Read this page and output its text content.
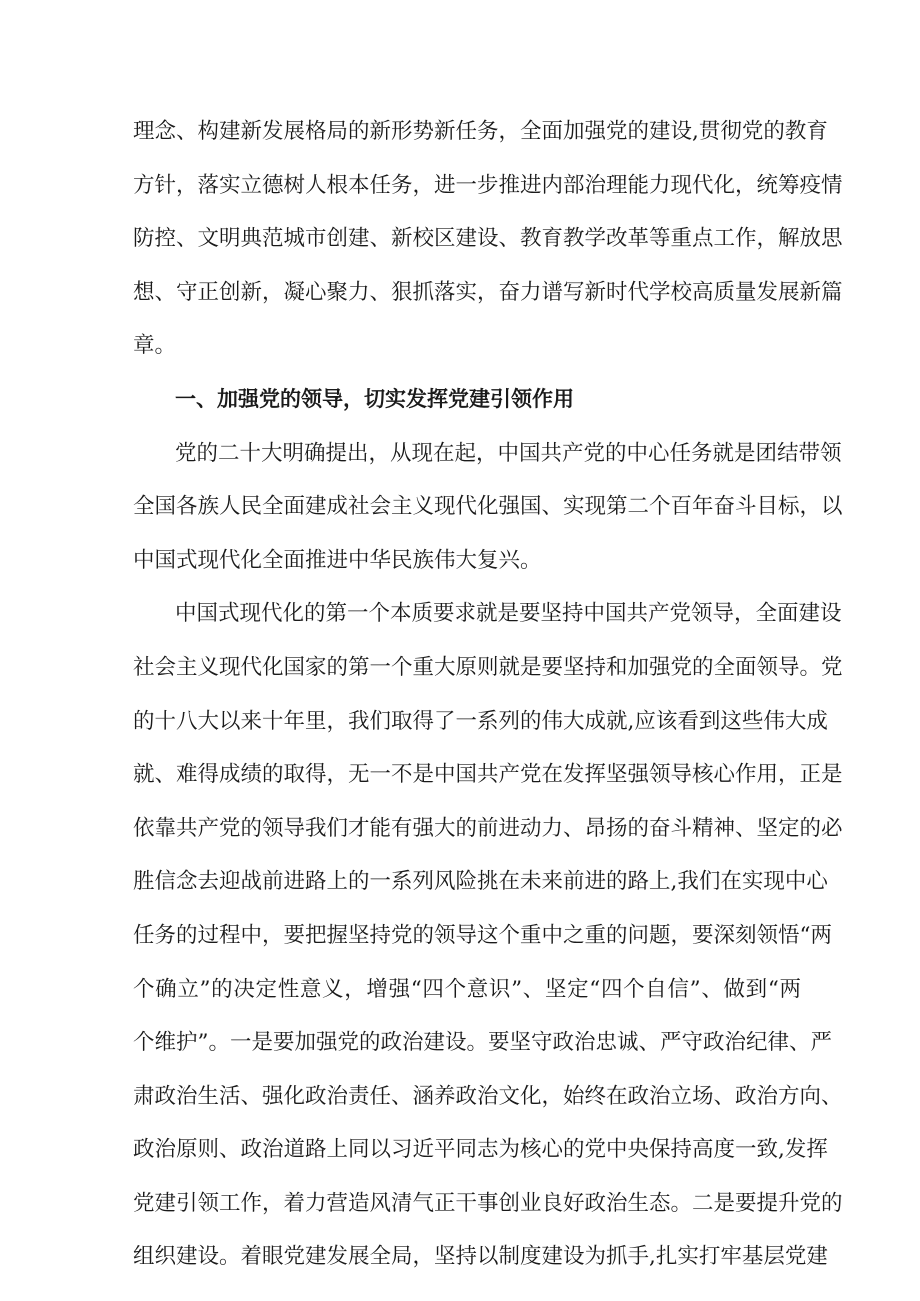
理念、构建新发展格局的新形势新任务，全面加强党的建设,贯彻党的教育
方针，落实立德树人根本任务，进一步推进内部治理能力现代化，统筹疫情
防控、文明典范城市创建、新校区建设、教育教学改革等重点工作，解放思
想、守正创新，凝心聚力、狠抓落实，奋力谱写新时代学校高质量发展新篇
章。
一、加强党的领导，切实发挥党建引领作用
党的二十大明确提出，从现在起，中国共产党的中心任务就是团结带领
全国各族人民全面建成社会主义现代化强国、实现第二个百年奋斗目标，以
中国式现代化全面推进中华民族伟大复兴。
中国式现代化的第一个本质要求就是要坚持中国共产党领导，全面建设
社会主义现代化国家的第一个重大原则就是要坚持和加强党的全面领导。党
的十八大以来十年里，我们取得了一系列的伟大成就,应该看到这些伟大成
就、难得成绩的取得，无一不是中国共产党在发挥坚强领导核心作用，正是
依靠共产党的领导我们才能有强大的前进动力、昂扬的奋斗精神、坚定的必
胜信念去迎战前进路上的一系列风险挑在未来前进的路上,我们在实现中心
任务的过程中，要把握坚持党的领导这个重中之重的问题，要深刻领悟“两
个确立”的决定性意义，增强“四个意识”、坚定“四个自信”、做到“两
个维护”。一是要加强党的政治建设。要坚守政治忠诚、严守政治纪律、严
肃政治生活、强化政治责任、涵养政治文化，始终在政治立场、政治方向、
政治原则、政治道路上同以习近平同志为核心的党中央保持高度一致,发挥
党建引领工作，着力营造风清气正干事创业良好政治生态。二是要提升党的
组织建设。着眼党建发展全局，坚持以制度建设为抓手,扎实打牢基层党建
